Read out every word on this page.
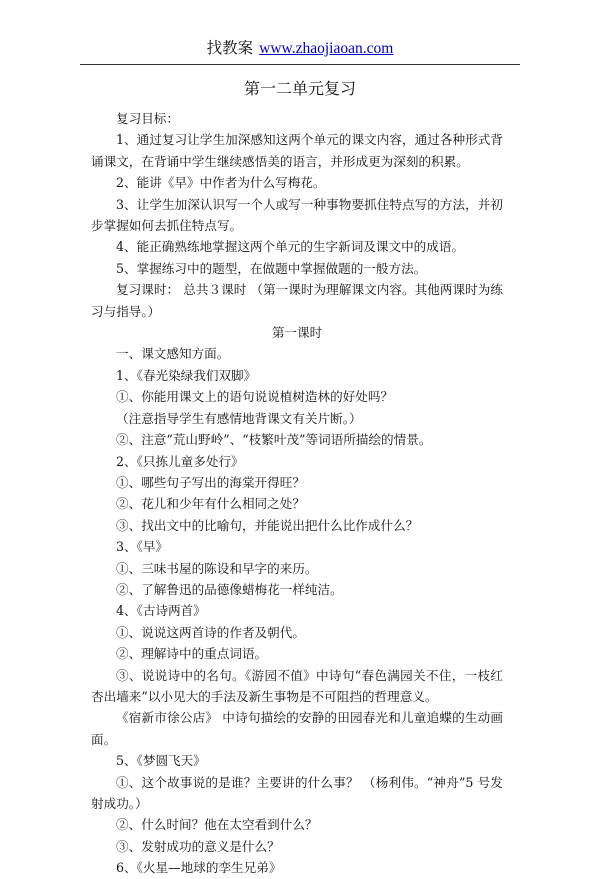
找教案 www.zhaojiaoan.com
第一二单元复习

复习目标：

1、通过复习让学生加深感知这两个单元的课文内容，通过各种形式背诵课文，在背诵中学生继续感悟美的语言，并形成更为深刻的积累。

2、能讲《早》中作者为什么写梅花。

3、让学生加深认识写一个人或写一种事物要抓住特点写的方法，并初步掌握如何去抓住特点写。

4、能正确熟练地掌握这两个单元的生字新词及课文中的成语。

5、掌握练习中的题型，在做题中掌握做题的一般方法。

复习课时： 总共３课时 （第一课时为理解课文内容。其他两课时为练习与指导。）

第一课时

一、课文感知方面。

1、《春光染绿我们双脚》

①、你能用课文上的语句说说植树造林的好处吗？

（注意指导学生有感情地背课文有关片断。）

②、注意“荒山野岭”、“枝繁叶茂”等词语所描绘的情景。

2、《只拣儿童多处行》

①、哪些句子写出的海棠开得旺？

②、花儿和少年有什么相同之处？

③、找出文中的比喻句，并能说出把什么比作成什么？

3、《早》

①、三味书屋的陈设和早字的来历。

②、了解鲁迅的品德像蜡梅花一样纯洁。

4、《古诗两首》

①、说说这两首诗的作者及朝代。

②、理解诗中的重点词语。

③、说说诗中的名句。《游园不值》中诗句“春色满园关不住，一枝红杏出墙来”以小见大的手法及新生事物是不可阻挡的哲理意义。

《宿新市徐公店》 中诗句描绘的安静的田园春光和儿童追蝶的生动画面。

5、《梦圆飞天》

①、这个故事说的是谁？主要讲的什么事？ （杨利伟。“神舟”5 号发射成功。）

②、什么时间？他在太空看到什么？

③、发射成功的意义是什么？

6、《火星—地球的孪生兄弟》
